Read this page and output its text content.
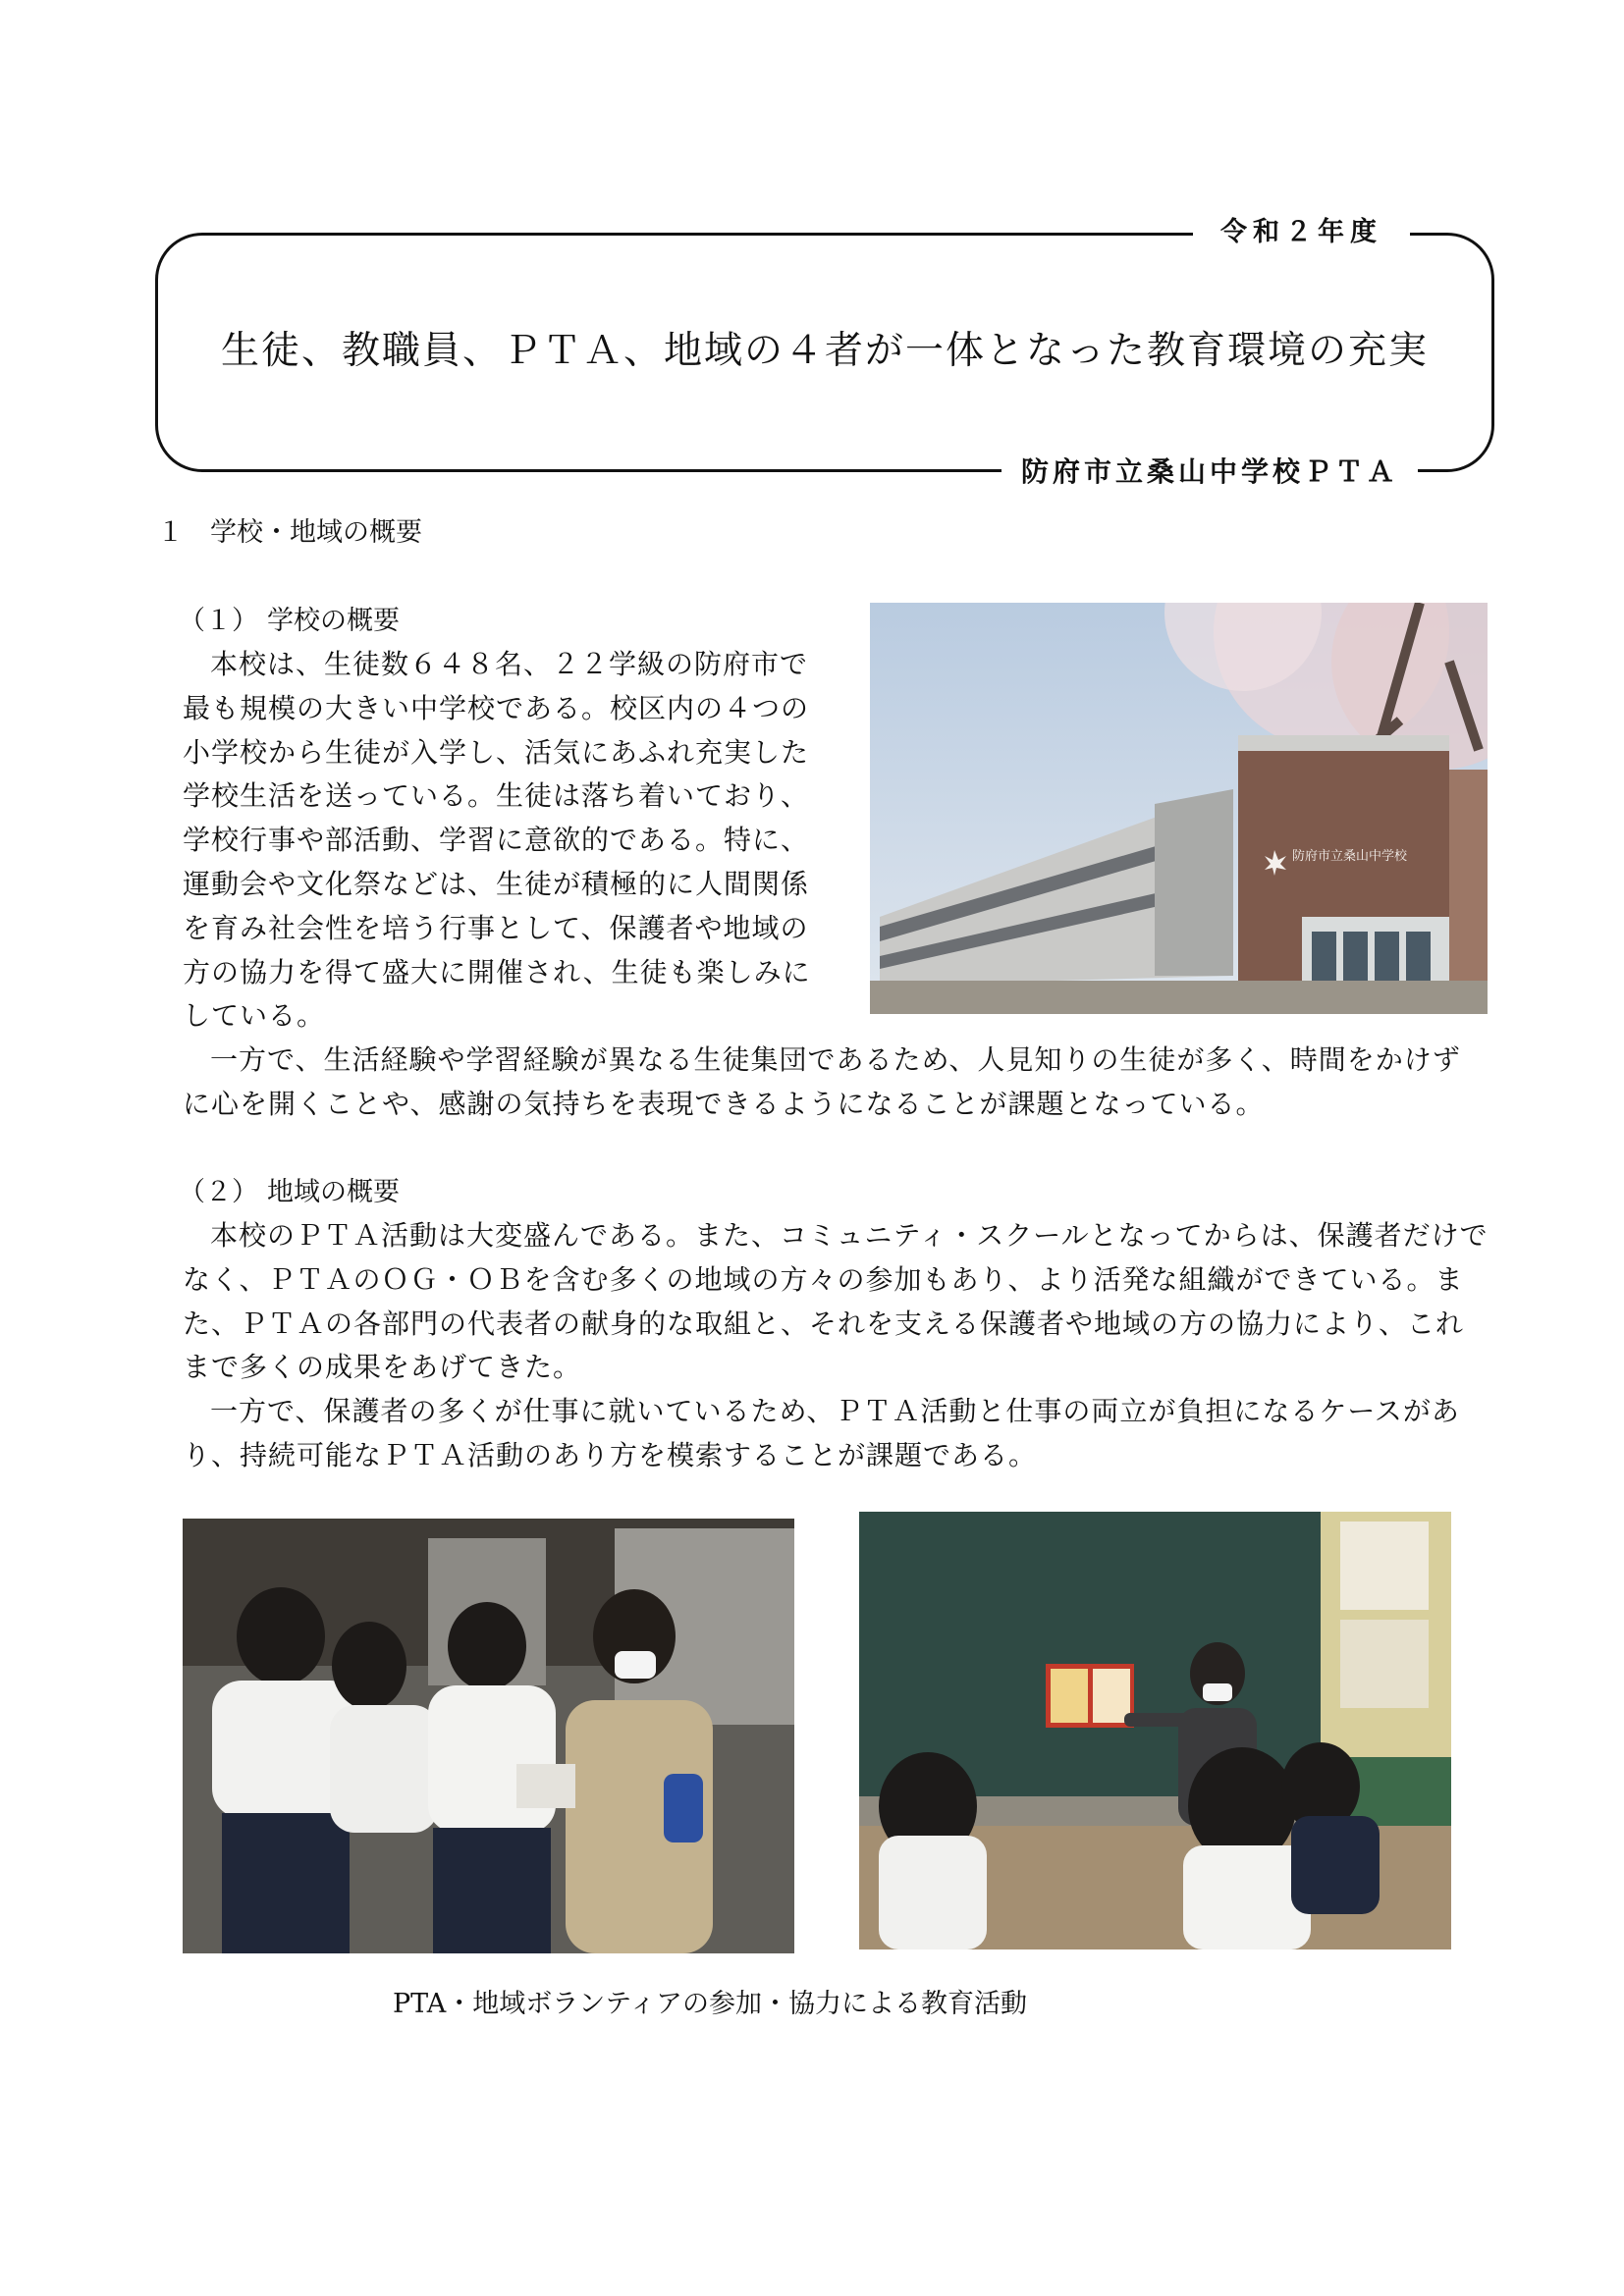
令和２年度
生徒、教職員、ＰＴＡ、地域の４者が一体となった教育環境の充実
防府市立桑山中学校ＰＴＡ
１ 学校・地域の概要
（１） 学校の概要

本校は、生徒数６４８名、２２学級の防府市で最も規模の大きい中学校である。校区内の４つの小学校から生徒が入学し、活気にあふれ充実した学校生活を送っている。生徒は落ち着いており、学校行事や部活動、学習に意欲的である。特に、運動会や文化祭などは、生徒が積極的に人間関係を育み社会性を培う行事として、保護者や地域の方の協力を得て盛大に開催され、生徒も楽しみにしている。

一方で、生活経験や学習経験が異なる生徒集団であるため、人見知りの生徒が多く、時間をかけずに心を開くことや、感謝の気持ちを表現できるようになることが課題となっている。

（２） 地域の概要

本校のＰＴＡ活動は大変盛んである。また、コミュニティ・スクールとなってからは、保護者だけでなく、ＰＴＡのＯＧ・ＯＢを含む多くの地域の方々の参加もあり、より活発な組織ができている。また、ＰＴＡの各部門の代表者の献身的な取組と、それを支える保護者や地域の方の協力により、これまで多くの成果をあげてきた。

一方で、保護者の多くが仕事に就いているため、ＰＴＡ活動と仕事の両立が負担になるケースがあり、持続可能なＰＴＡ活動のあり方を模索することが課題である。

防府市立桑山中学校
PTA・地域ボランティアの参加・協力による教育活動
